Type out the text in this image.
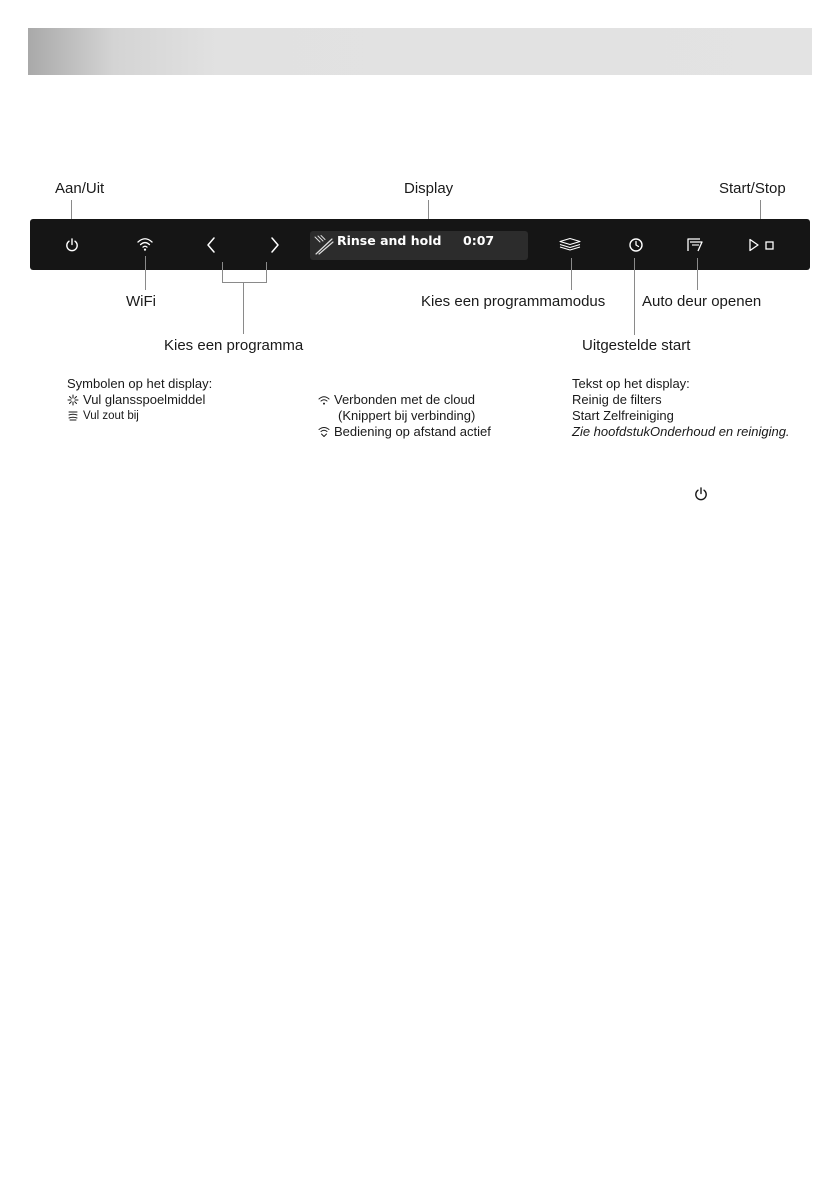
Aan/Uit	Display	Start/Stop
Rinse and hold 0:07
WiFi	Kies een programmamodus Auto deur openen
Kies een programma	Uitgestelde start
Symbolen op het display:
Vul glansspoelmiddel
Vul zout bij
Verbonden met de cloud
(Knippert bij verbinding)
Bediening op afstand actief
Tekst op het display:
Reinig de filters
Start Zelfreiniging
Zie hoofdstukOnderhoud en reiniging.
